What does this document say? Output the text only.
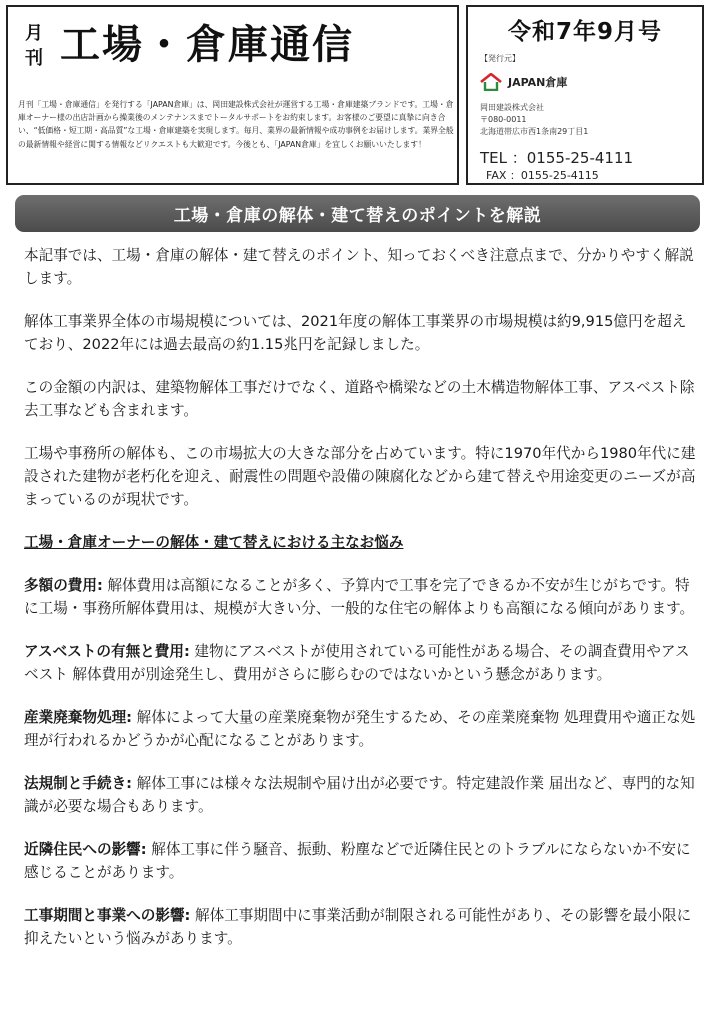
月刊 工場・倉庫通信
月刊「工場・倉庫通信」を発行する「JAPAN倉庫」は、岡田建設株式会社が運営する工場・倉庫建築ブランドです。工場・倉庫オーナー様の出店計画から操業後のメンテナンスまでトータルサポートをお約束します。お客様のご要望に真摯に向き合い、“低価格・短工期・高品質”な工場・倉庫建築を実現します。毎月、業界の最新情報や成功事例をお届けします。業界全般の最新情報や経営に関する情報などリクエストも大歓迎です。今後とも、「JAPAN倉庫」を宜しくお願いいたします！
令和7年9月号
【発行元】
JAPAN倉庫
岡田建設株式会社
〒080-0011
北海道帯広市西1条南29丁目1
TEL ：0155-25-4111
FAX ：0155-25-4115
工場・倉庫の解体・建て替えのポイントを解説

本記事では、工場・倉庫の解体・建て替えのポイント、知っておくべき注意点まで、分かりやすく解説します。

解体工事業界全体の市場規模については、2021年度の解体工事業界の市場規模は約9,915億円を超えており、2022年には過去最高の約1.15兆円を記録しました。

この金額の内訳は、建築物解体工事だけでなく、道路や橋梁などの土木構造物解体工事、アスベスト除去工事なども含まれます。

工場や事務所の解体も、この市場拡大の大きな部分を占めています。特に1970年代から1980年代に建設された建物が老朽化を迎え、耐震性の問題や設備の陳腐化などから建て替えや用途変更のニーズが高まっているのが現状です。

工場・倉庫オーナーの解体・建て替えにおける主なお悩み

多額の費用: 解体費用は高額になることが多く、予算内で工事を完了できるか不安が生じがちです。特に工場・事務所解体費用は、規模が大きい分、一般的な住宅の解体よりも高額になる傾向があります。

アスベストの有無と費用: 建物にアスベストが使用されている可能性がある場合、その調査費用やアスベスト 解体費用が別途発生し、費用がさらに膨らむのではないかという懸念があります。

産業廃棄物処理: 解体によって大量の産業廃棄物が発生するため、その産業廃棄物 処理費用や適正な処理が行われるかどうかが心配になることがあります。

法規制と手続き: 解体工事には様々な法規制や届け出が必要です。特定建設作業 届出など、専門的な知識が必要な場合もあります。

近隣住民への影響: 解体工事に伴う騒音、振動、粉塵などで近隣住民とのトラブルにならないか不安に感じることがあります。

工事期間と事業への影響: 解体工事期間中に事業活動が制限される可能性があり、その影響を最小限に抑えたいという悩みがあります。
